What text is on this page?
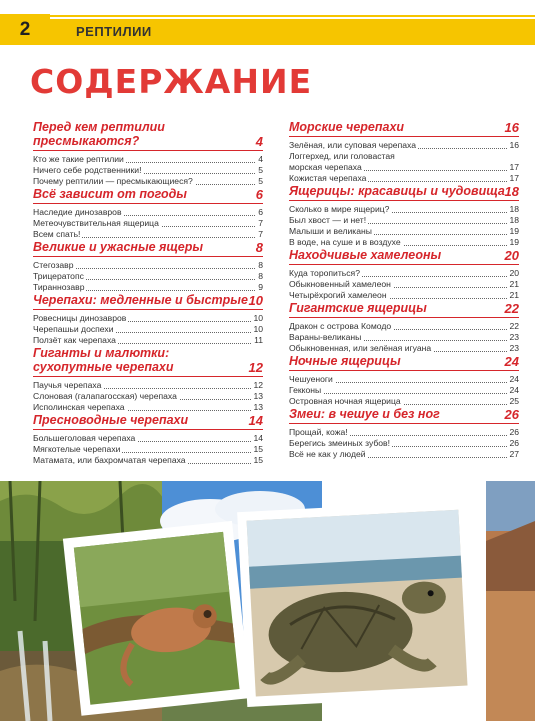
2	РЕПТИЛИИ
СОДЕРЖАНИЕ
Перед кем рептилии
пресмыкаются?	4
Кто же такие рептилии	4
Ничего себе родственники!	5
Почему рептилии — пресмыкающиеся?	5
Всё зависит от погоды	6
Наследие динозавров	6
Метеочувствительная ящерица	7
Всем спать!	7
Великие и ужасные ящеры	8
Стегозавр	8
Трицератопс	8
Тираннозавр	9
Черепахи: медленные и быстрые 10
Ровесницы динозавров	10
Черепашьи доспехи	10
Ползёт как черепаха	11
Гиганты и малютки:
сухопутные черепахи	12
Паучья черепаха	12
Слоновая (галапагосская) черепаха	13
Исполинская черепаха	13
Пресноводные черепахи	14
Большеголовая черепаха	14
Мягкотелые черепахи	15
Матамата, или бахромчатая черепаха	15
Морские черепахи	16
Зелёная, или суповая черепаха	16
Логгерхед, или головастая
морская черепаха	17
Кожистая черепаха	17
Ящерицы: красавицы и чудовища 18
Сколько в мире ящериц?	18
Был хвост — и нет!	18
Малыши и великаны	19
В воде, на суше и в воздухе	19
Находчивые хамелеоны	20
Куда торопиться?	20
Обыкновенный хамелеон	21
Четырёхрогий хамелеон	21
Гигантские ящерицы	22
Дракон с острова Комодо	22
Вараны-великаны	23
Обыкновенная, или зелёная игуана	23
Ночные ящерицы	24
Чешуеноги	24
Гекконы	24
Островная ночная ящерица	25
Змеи: в чешуе и без ног	26
Прощай, кожа!	26
Берегись змеиных зубов!	26
Всё не как у людей	27
